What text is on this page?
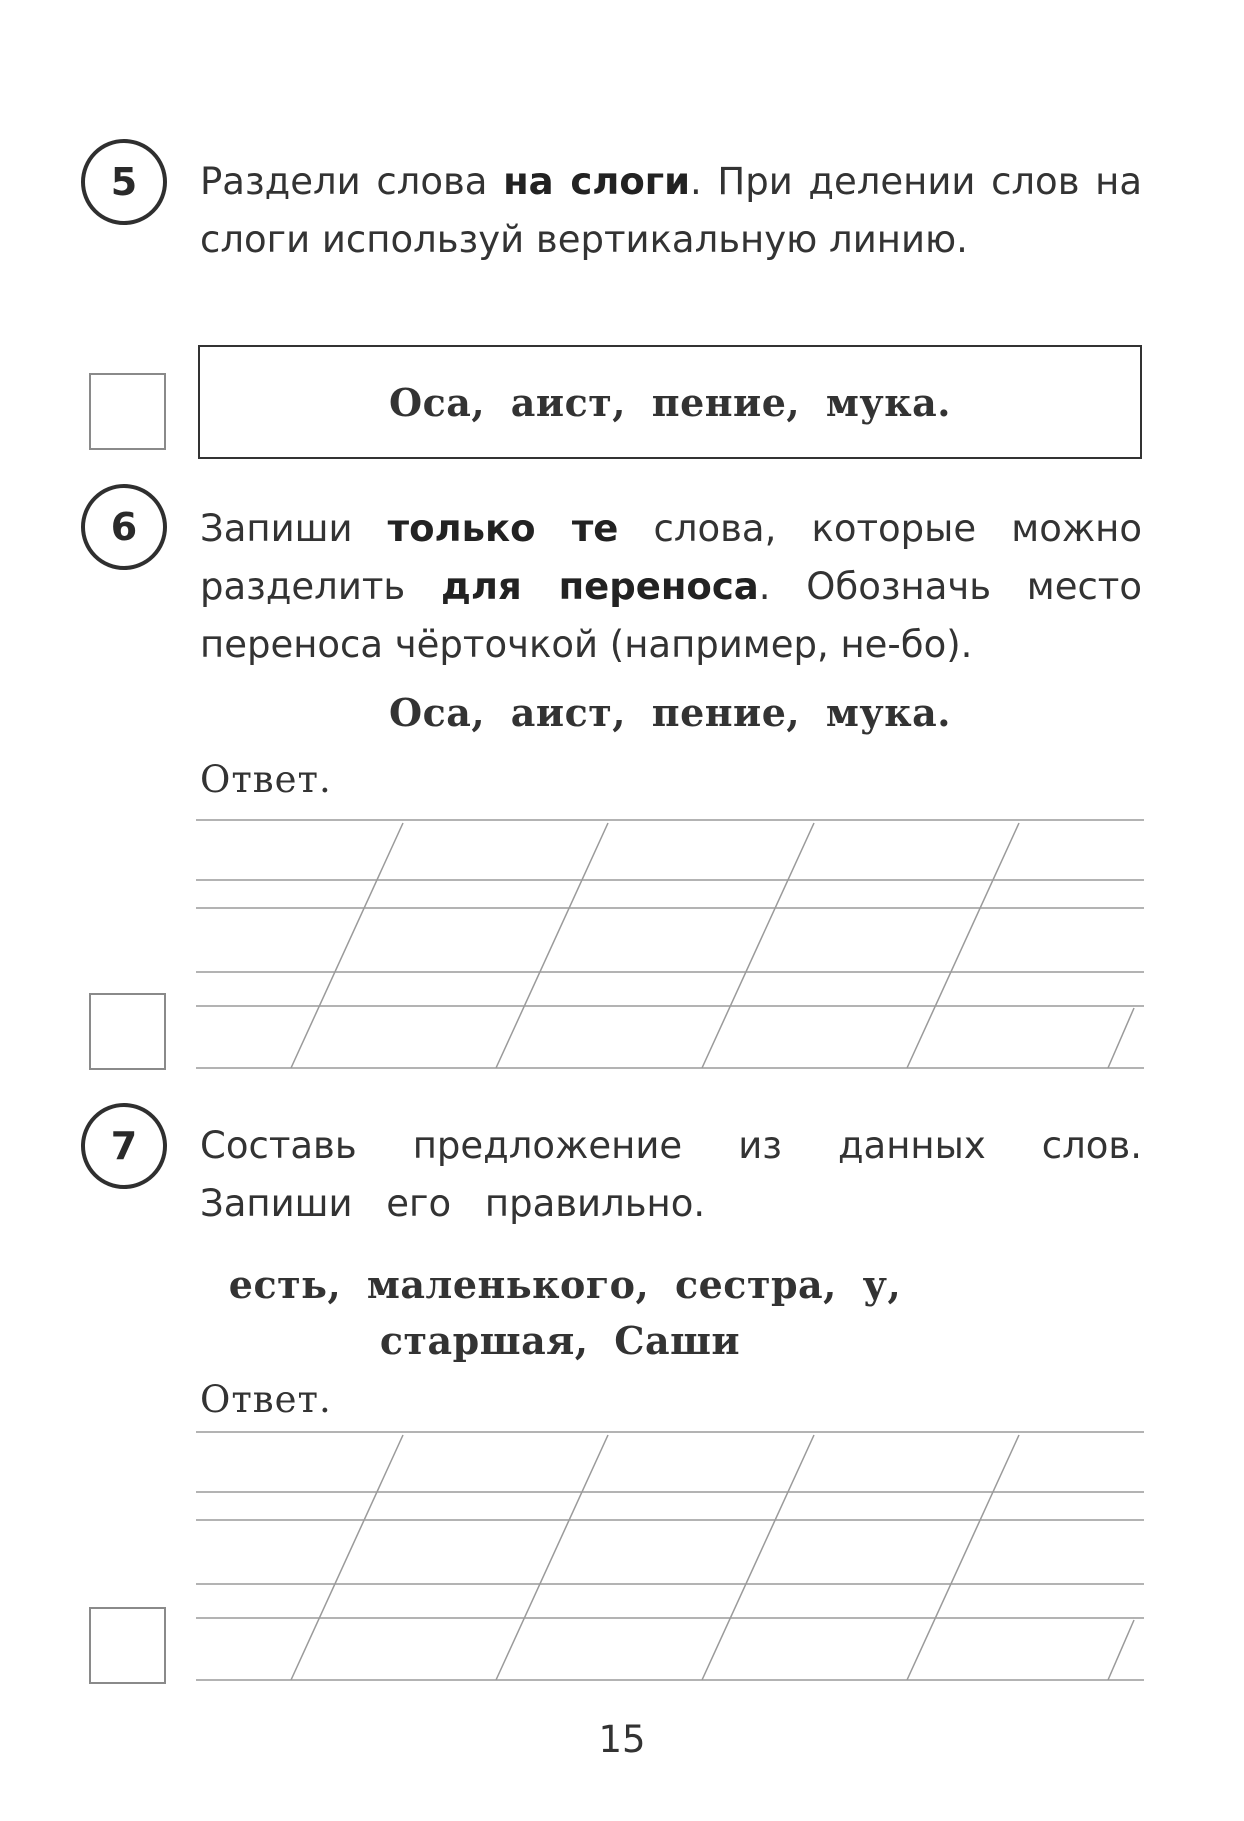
5	Раздели слова на слоги. При делении слов на слоги используй вертикальную линию.
Оса, аист, пение, мука.
6	Запиши только те слова, которые можно разделить для переноса. Обозначь место переноса чёрточкой (например, не-бо).
Оса, аист, пение, мука.
Ответ.
7	Составь предложение из данных слов. Запиши его правильно.
есть, маленького, сестра, у,
старшая, Саши
Ответ.
15
